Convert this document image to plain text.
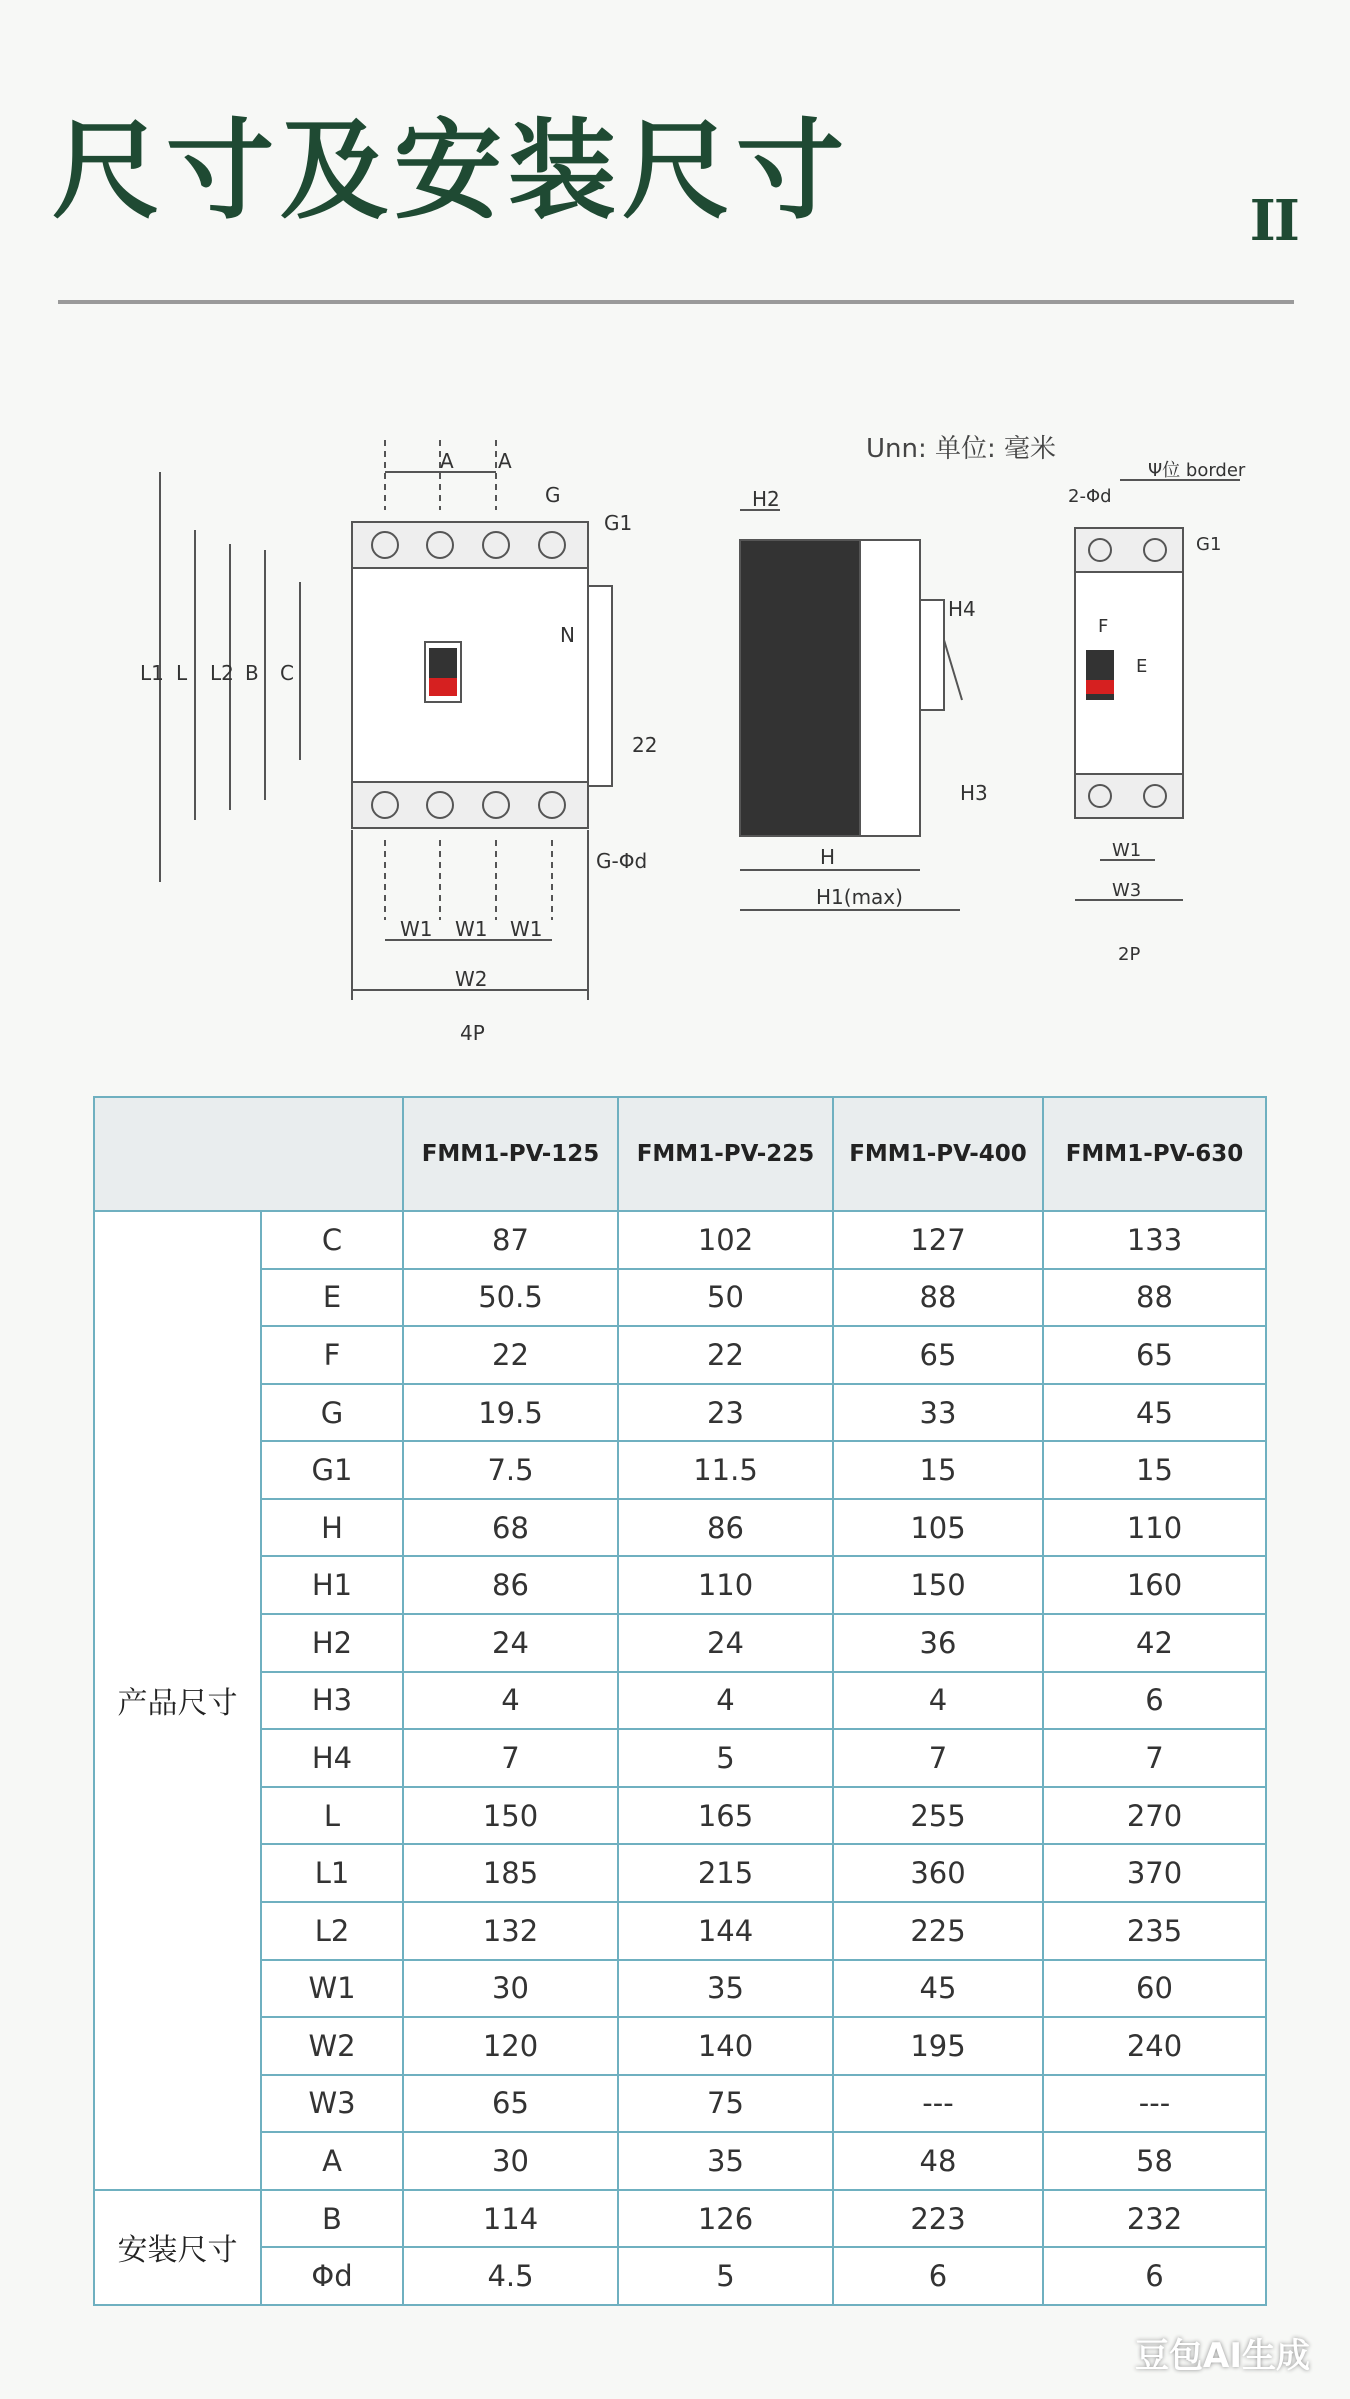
尺寸及安装尺寸	II
Unn: 单位: 毫米
A A
G
G1
L1 L L2 B C
N
22
G-Φd
W1 W1 W1
W2
4P
H2
H4
H3
H
H1(max)
2-Φd
Ψ位 border
G1
F
E
W1
W3
2P
		FMM1-PV-125	FMM1-PV-225	FMM1-PV-400	FMM1-PV-630
产品尺寸	C	87	102	127	133
	E	50.5	50	88	88
	F	22	22	65	65
	G	19.5	23	33	45
	G1	7.5	11.5	15	15
	H	68	86	105	110
	H1	86	110	150	160
	H2	24	24	36	42
	H3	4	4	4	6
	H4	7	5	7	7
	L	150	165	255	270
	L1	185	215	360	370
	L2	132	144	225	235
	W1	30	35	45	60
	W2	120	140	195	240
	W3	65	75	---	---
	A	30	35	48	58
安装尺寸	B	114	126	223	232
	Φd	4.5	5	6	6
豆包AI生成
